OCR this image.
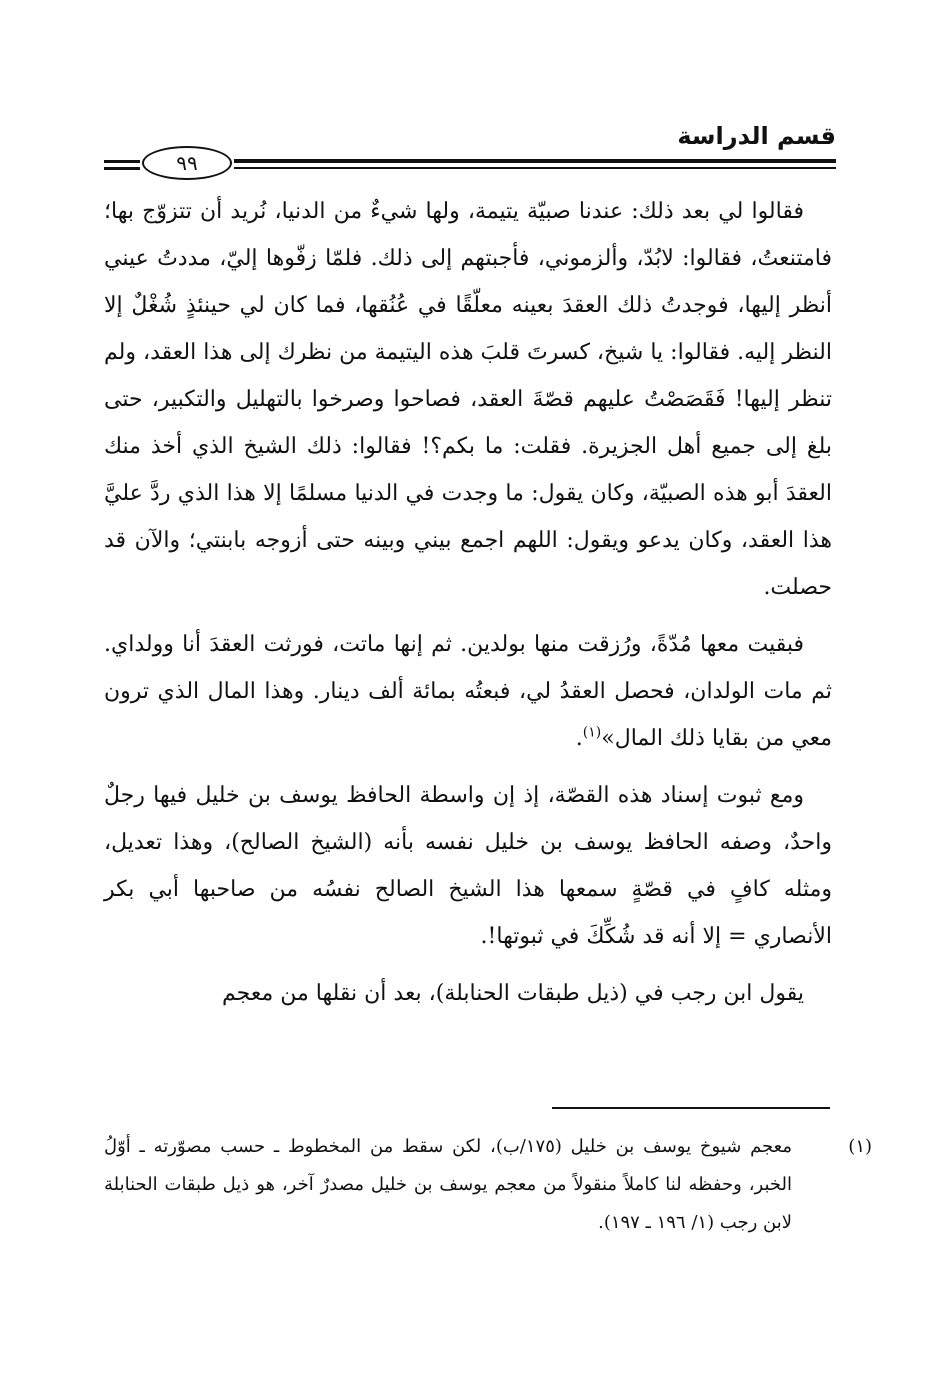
قسم الدراسة
٩٩

فقالوا لي بعد ذلك: عندنا صبيّة يتيمة، ولها شيءٌ من الدنيا، نُريد أن تتزوّج بها؛ فامتنعتُ، فقالوا: لابُدّ، وألزموني، فأجبتهم إلى ذلك. فلمّا زفّوها إليّ، مددتُ عيني أنظر إليها، فوجدتُ ذلك العقدَ بعينه معلّقًا في عُنُقها، فما كان لي حينئذٍ شُغْلٌ إلا النظر إليه. فقالوا: يا شيخ، كسرتَ قلبَ هذه اليتيمة من نظرك إلى هذا العقد، ولم تنظر إليها! فَقَصَصْتُ عليهم قصّةَ العقد، فصاحوا وصرخوا بالتهليل والتكبير، حتى بلغ إلى جميع أهل الجزيرة. فقلت: ما بكم؟! فقالوا: ذلك الشيخ الذي أخذ منك العقدَ أبو هذه الصبيّة، وكان يقول: ما وجدت في الدنيا مسلمًا إلا هذا الذي ردَّ عليَّ هذا العقد، وكان يدعو ويقول: اللهم اجمع بيني وبينه حتى أزوجه بابنتي؛ والآن قد حصلت.

فبقيت معها مُدّةً، ورُزقت منها بولدين. ثم إنها ماتت، فورثت العقدَ أنا وولداي. ثم مات الولدان، فحصل العقدُ لي، فبعتُه بمائة ألف دينار. وهذا المال الذي ترون معي من بقايا ذلك المال»$^{(١)}$.

ومع ثبوت إسناد هذه القصّة، إذ إن واسطة الحافظ يوسف بن خليل فيها رجلٌ واحدٌ، وصفه الحافظ يوسف بن خليل نفسه بأنه (الشيخ الصالح)، وهذا تعديل، ومثله كافٍ في قصّةٍ سمعها هذا الشيخ الصالح نفسُه من صاحبها أبي بكر الأنصاري = إلا أنه قد شُكِّكَ في ثبوتها!.

يقول ابن رجب في (ذيل طبقات الحنابلة)، بعد أن نقلها من معجم

(١)معجم شيوخ يوسف بن خليل (١٧٥/ب)، لكن سقط من المخطوط ـ حسب مصوّرته ـ أوّلُ الخبر، وحفظه لنا كاملاً منقولاً من معجم يوسف بن خليل مصدرٌ آخر، هو ذيل طبقات الحنابلة لابن رجب (١/ ١٩٦ ـ ١٩٧).
